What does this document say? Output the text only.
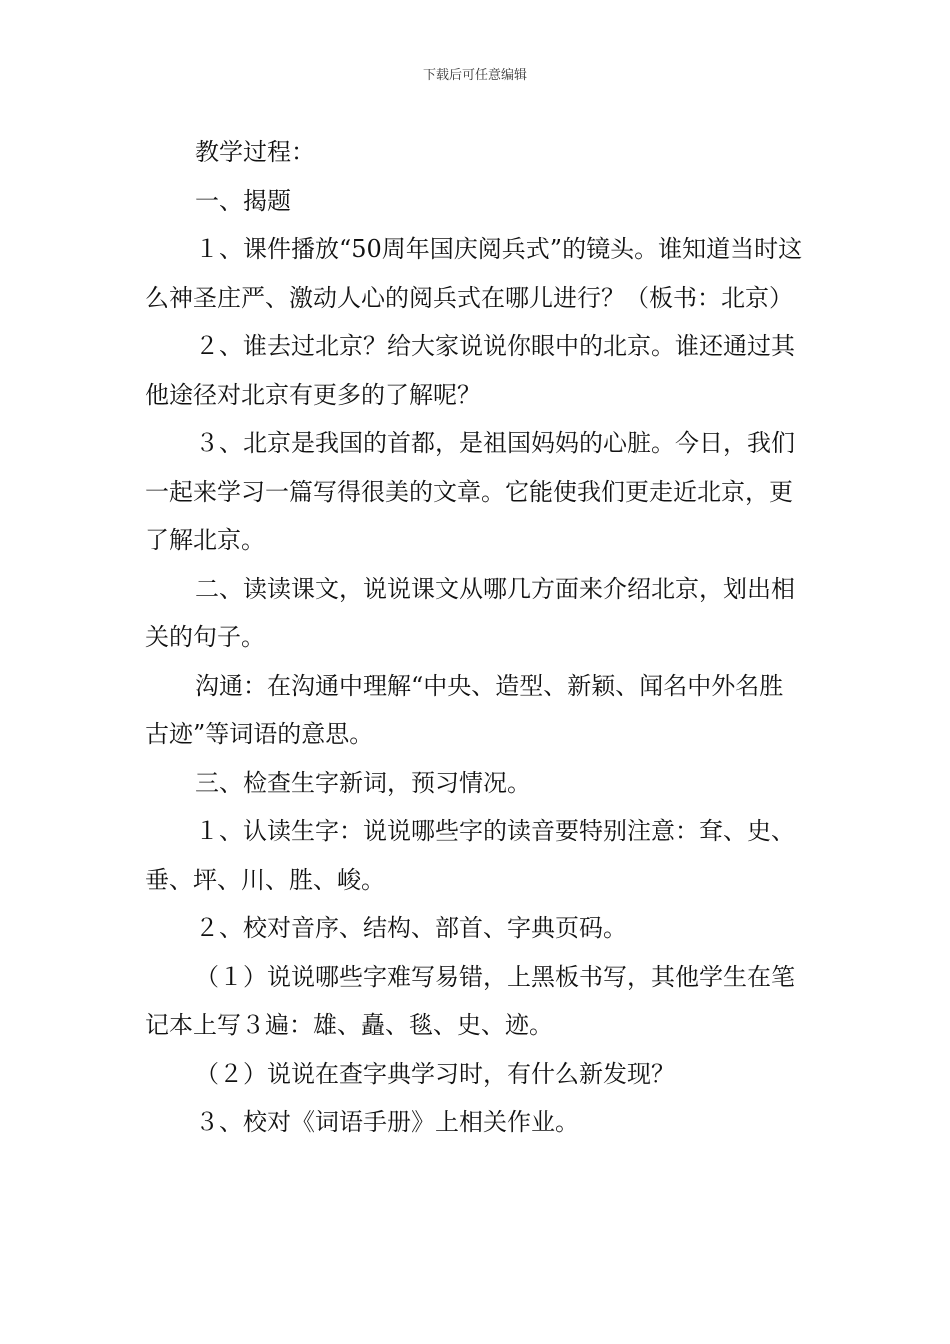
下载后可任意编辑

教学过程：

一、揭题

１、课件播放“50周年国庆阅兵式”的镜头。谁知道当时这么神圣庄严、激动人心的阅兵式在哪儿进行？（板书：北京）

２、谁去过北京？给大家说说你眼中的北京。谁还通过其他途径对北京有更多的了解呢？

３、北京是我国的首都，是祖国妈妈的心脏。今日，我们一起来学习一篇写得很美的文章。它能使我们更走近北京，更了解北京。

二、读读课文，说说课文从哪几方面来介绍北京，划出相关的句子。

沟通：在沟通中理解“中央、造型、新颖、闻名中外名胜古迹”等词语的意思。

三、检查生字新词，预习情况。

１、认读生字：说说哪些字的读音要特别注意：耷、史、垂、坪、川、胜、峻。

２、校对音序、结构、部首、字典页码。

（１）说说哪些字难写易错，上黑板书写，其他学生在笔记本上写３遍：雄、矗、毯、史、迹。

（２）说说在查字典学习时，有什么新发现？

３、校对《词语手册》上相关作业。
